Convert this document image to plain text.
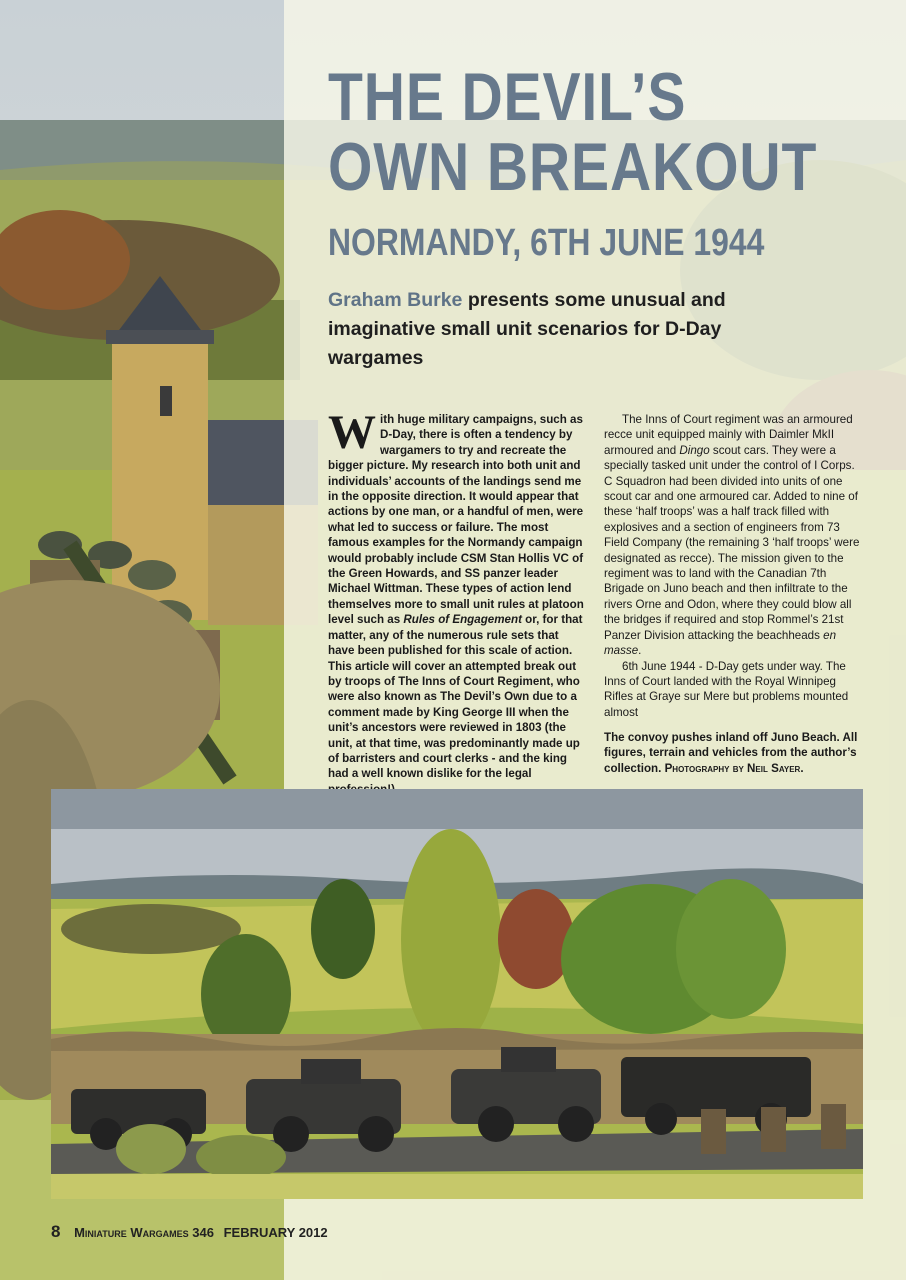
THE DEVIL’S
OWN BREAKOUT
NORMANDY, 6TH JUNE 1944
Graham Burke presents some unusual and imaginative small unit scenarios for D-Day wargames

With huge military campaigns, such as D-Day, there is often a tendency by wargamers to try and recreate the bigger picture. My research into both unit and individuals’ accounts of the landings send me in the opposite direction. It would appear that actions by one man, or a handful of men, were what led to success or failure. The most famous examples for the Normandy campaign would probably include CSM Stan Hollis VC of the Green Howards, and SS panzer leader Michael Wittman. These types of action lend themselves more to small unit rules at platoon level such as Rules of Engagement or, for that matter, any of the numerous rule sets that have been published for this scale of action. This article will cover an attempted break out by troops of The Inns of Court Regiment, who were also known as The Devil’s Own due to a comment made by King George III when the unit’s ancestors were reviewed in 1803 (the unit, at that time, was predominantly made up of barristers and court clerks - and the king had a well known dislike for the legal

The Inns of Court regiment was an armoured recce unit equipped mainly with Daimler MkII armoured and Dingo scout cars. They were a specially tasked unit under the control of I Corps. C Squadron had been divided into units of one scout car and one armoured car. Added to nine of these ‘half troops’ was a half track filled with explosives and a section of engineers from 73 Field Company (the remaining 3 ‘half troops’ were designated as recce). The mission given to the regiment was to land with the Canadian 7th Brigade on Juno beach and then infiltrate to the rivers Orne and Odon, where they could blow all the bridges if required and stop Rommel’s 21st Panzer Division attacking the beachheads en masse.

6th June 1944 - D-Day gets under way. The Inns of Court landed with the Royal Winnipeg Rifles at Graye sur Mere but problems mounted almost

The convoy pushes inland off Juno Beach. All figures, terrain and vehicles from the author’s collection. Photography by Neil Sayer.
8 Miniature Wargames 346 FEBRUARY 2012
